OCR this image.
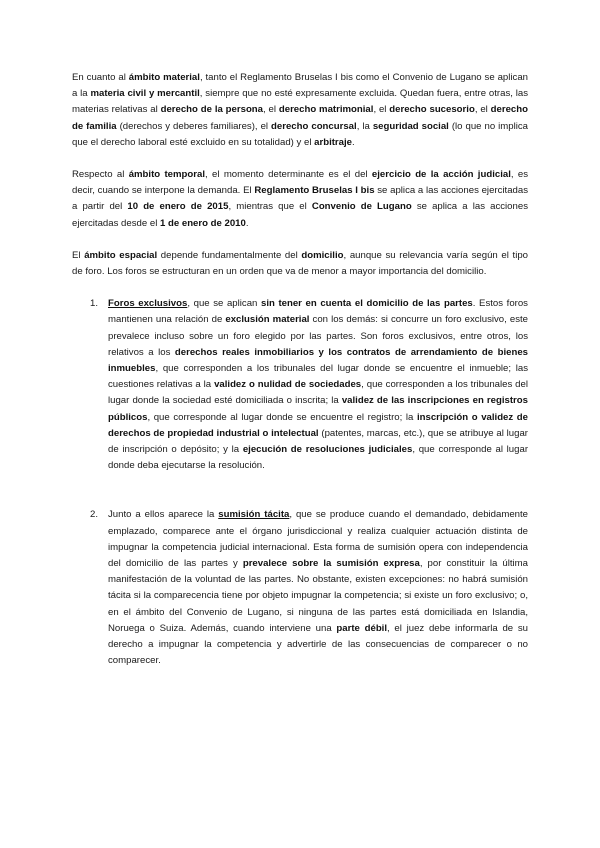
En cuanto al ámbito material, tanto el Reglamento Bruselas I bis como el Convenio de Lugano se aplican a la materia civil y mercantil, siempre que no esté expresamente excluida. Quedan fuera, entre otras, las materias relativas al derecho de la persona, el derecho matrimonial, el derecho sucesorio, el derecho de familia (derechos y deberes familiares), el derecho concursal, la seguridad social (lo que no implica que el derecho laboral esté excluido en su totalidad) y el arbitraje.

Respecto al ámbito temporal, el momento determinante es el del ejercicio de la acción judicial, es decir, cuando se interpone la demanda. El Reglamento Bruselas I bis se aplica a las acciones ejercitadas a partir del 10 de enero de 2015, mientras que el Convenio de Lugano se aplica a las acciones ejercitadas desde el 1 de enero de 2010.

El ámbito espacial depende fundamentalmente del domicilio, aunque su relevancia varía según el tipo de foro. Los foros se estructuran en un orden que va de menor a mayor importancia del domicilio.

1. Foros exclusivos, que se aplican sin tener en cuenta el domicilio de las partes. Estos foros mantienen una relación de exclusión material con los demás: si concurre un foro exclusivo, este prevalece incluso sobre un foro elegido por las partes. Son foros exclusivos, entre otros, los relativos a los derechos reales inmobiliarios y los contratos de arrendamiento de bienes inmuebles, que corresponden a los tribunales del lugar donde se encuentre el inmueble; las cuestiones relativas a la validez o nulidad de sociedades, que corresponden a los tribunales del lugar donde la sociedad esté domiciliada o inscrita; la validez de las inscripciones en registros públicos, que corresponde al lugar donde se encuentre el registro; la inscripción o validez de derechos de propiedad industrial o intelectual (patentes, marcas, etc.), que se atribuye al lugar de inscripción o depósito; y la ejecución de resoluciones judiciales, que corresponde al lugar donde deba ejecutarse la resolución.
2. Junto a ellos aparece la sumisión tácita, que se produce cuando el demandado, debidamente emplazado, comparece ante el órgano jurisdiccional y realiza cualquier actuación distinta de impugnar la competencia judicial internacional. Esta forma de sumisión opera con independencia del domicilio de las partes y prevalece sobre la sumisión expresa, por constituir la última manifestación de la voluntad de las partes. No obstante, existen excepciones: no habrá sumisión tácita si la comparecencia tiene por objeto impugnar la competencia; si existe un foro exclusivo; o, en el ámbito del Convenio de Lugano, si ninguna de las partes está domiciliada en Islandia, Noruega o Suiza. Además, cuando interviene una parte débil, el juez debe informarla de su derecho a impugnar la competencia y advertirle de las consecuencias de comparecer o no comparecer.
